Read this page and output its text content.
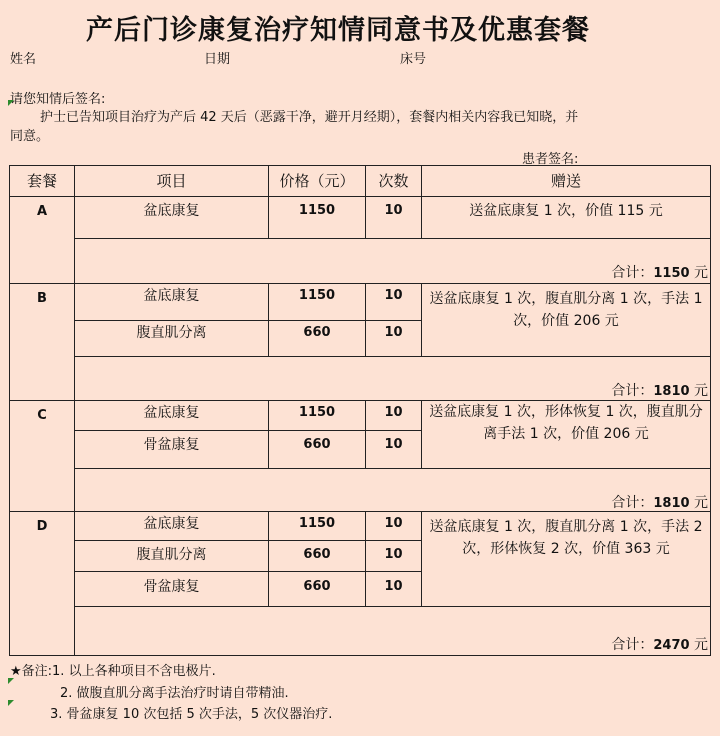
产后门诊康复治疗知情同意书及优惠套餐
姓名	日期	床号
请您知情后签名:
护士已告知项目治疗为产后 42 天后（恶露干净，避开月经期），套餐内相关内容我已知晓，并同意。
患者签名:
套餐	项目	价格（元）	次数	赠送
A	盆底康复	1150	10	送盆底康复 1 次，价值 115 元
合计：1150 元
B	盆底康复	1150	10
腹直肌分离	660	10
送盆底康复 1 次，腹直肌分离 1 次，手法 1 次，价值 206 元
合计：1810 元
C	盆底康复	1150	10
骨盆康复	660	10
送盆底康复 1 次，形体恢复 1 次，腹直肌分离手法 1 次，价值 206 元
合计：1810 元
D	盆底康复	1150	10
腹直肌分离	660	10
骨盆康复	660	10
送盆底康复 1 次，腹直肌分离 1 次，手法 2 次，形体恢复 2 次，价值 363 元
合计：2470 元
★备注:1. 以上各种项目不含电极片.
2. 做腹直肌分离手法治疗时请自带精油.
3. 骨盆康复 10 次包括 5 次手法，5 次仪器治疗.
